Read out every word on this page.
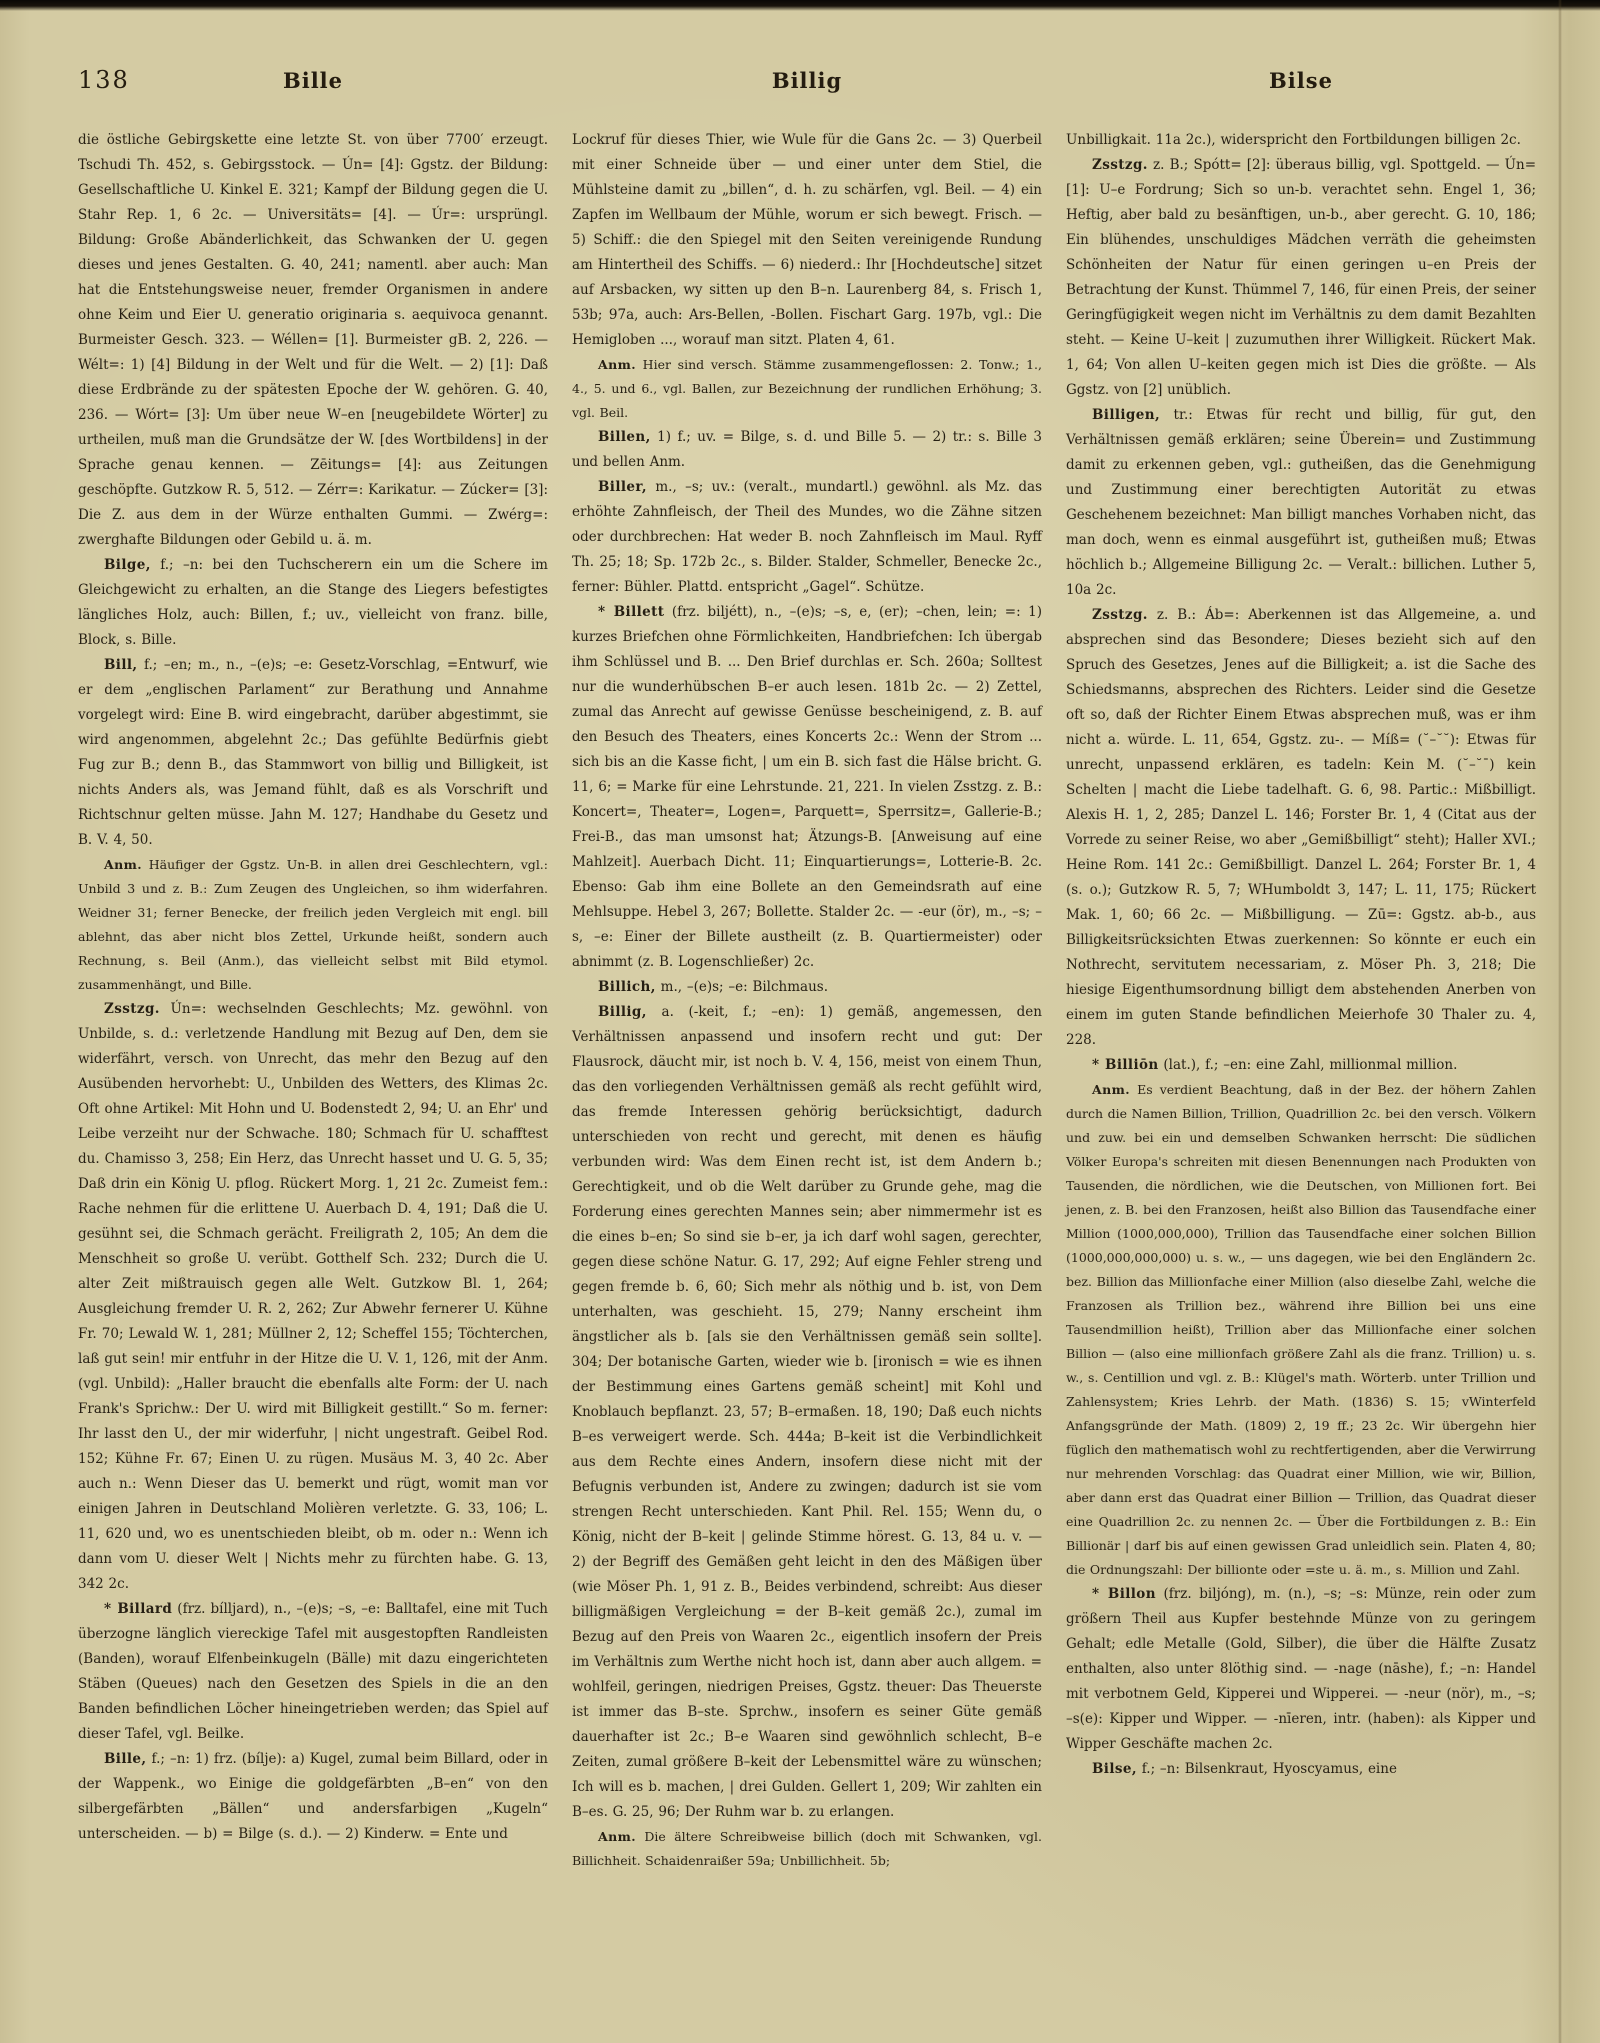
138	Bille	Billig	Bilse

die östliche Gebirgskette eine letzte St. von über 7700′ erzeugt. Tschudi Th. 452, s. Gebirgsstock. — Ún= [4]: Ggstz. der Bildung: Gesellschaftliche U. Kinkel E. 321; Kampf der Bildung gegen die U. Stahr Rep. 1, 6 2c. — Universitäts= [4]. — Úr=: ursprüngl. Bildung: Große Abänderlichkeit, das Schwanken der U. gegen dieses und jenes Gestalten. G. 40, 241; namentl. aber auch: Man hat die Entstehungsweise neuer, fremder Organismen in andere ohne Keim und Eier U. generatio originaria s. aequivoca genannt. Burmeister Gesch. 323. — Wéllen= [1]. Burmeister gB. 2, 226. — Wélt=: 1) [4] Bildung in der Welt und für die Welt. — 2) [1]: Daß diese Erdbrände zu der spätesten Epoche der W. gehören. G. 40, 236. — Wórt= [3]: Um über neue W–en [neugebildete Wörter] zu urtheilen, muß man die Grundsätze der W. [des Wortbildens] in der Sprache genau kennen. — Zēitungs= [4]: aus Zeitungen geschöpfte. Gutzkow R. 5, 512. — Zérr=: Karikatur. — Zúcker= [3]: Die Z. aus dem in der Würze enthalten Gummi. — Zwérg=: zwerghafte Bildungen oder Gebild u. ä. m.

Bilge, f.; –n: bei den Tuchscherern ein um die Schere im Gleichgewicht zu erhalten, an die Stange des Liegers befestigtes längliches Holz, auch: Billen, f.; uv., vielleicht von franz. bille, Block, s. Bille.

Bill, f.; –en; m., n., –(e)s; –e: Gesetz-Vorschlag, =Entwurf, wie er dem „englischen Parlament“ zur Berathung und Annahme vorgelegt wird: Eine B. wird eingebracht, darüber abgestimmt, sie wird angenommen, abgelehnt 2c.; Das gefühlte Bedürfnis giebt Fug zur B.; denn B., das Stammwort von billig und Billigkeit, ist nichts Anders als, was Jemand fühlt, daß es als Vorschrift und Richtschnur gelten müsse. Jahn M. 127; Handhabe du Gesetz und B. V. 4, 50.

Anm. Häufiger der Ggstz. Un-B. in allen drei Geschlechtern, vgl.: Unbild 3 und z. B.: Zum Zeugen des Ungleichen, so ihm widerfahren. Weidner 31; ferner Benecke, der freilich jeden Vergleich mit engl. bill ablehnt, das aber nicht blos Zettel, Urkunde heißt, sondern auch Rechnung, s. Beil (Anm.), das vielleicht selbst mit Bild etymol. zusammenhängt, und Bille.

Zsstzg. Ún=: wechselnden Geschlechts; Mz. gewöhnl. von Unbilde, s. d.: verletzende Handlung mit Bezug auf Den, dem sie widerfährt, versch. von Unrecht, das mehr den Bezug auf den Ausübenden hervorhebt: U., Unbilden des Wetters, des Klimas 2c. Oft ohne Artikel: Mit Hohn und U. Bodenstedt 2, 94; U. an Ehr' und Leibe verzeiht nur der Schwache. 180; Schmach für U. schafftest du. Chamisso 3, 258; Ein Herz, das Unrecht hasset und U. G. 5, 35; Daß drin ein König U. pflog. Rückert Morg. 1, 21 2c. Zumeist fem.: Rache nehmen für die erlittene U. Auerbach D. 4, 191; Daß die U. gesühnt sei, die Schmach gerächt. Freiligrath 2, 105; An dem die Menschheit so große U. verübt. Gotthelf Sch. 232; Durch die U. alter Zeit mißtrauisch gegen alle Welt. Gutzkow Bl. 1, 264; Ausgleichung fremder U. R. 2, 262; Zur Abwehr fernerer U. Kühne Fr. 70; Lewald W. 1, 281; Müllner 2, 12; Scheffel 155; Töchterchen, laß gut sein! mir entfuhr in der Hitze die U. V. 1, 126, mit der Anm. (vgl. Unbild): „Haller braucht die ebenfalls alte Form: der U. nach Frank's Sprichw.: Der U. wird mit Billigkeit gestillt.“ So m. ferner: Ihr lasst den U., der mir widerfuhr, | nicht ungestraft. Geibel Rod. 152; Kühne Fr. 67; Einen U. zu rügen. Musäus M. 3, 40 2c. Aber auch n.: Wenn Dieser das U. bemerkt und rügt, womit man vor einigen Jahren in Deutschland Molièren verletzte. G. 33, 106; L. 11, 620 und, wo es unentschieden bleibt, ob m. oder n.: Wenn ich dann vom U. dieser Welt | Nichts mehr zu fürchten habe. G. 13, 342 2c.

* Billard (frz. bílljard), n., –(e)s; –s, –e: Balltafel, eine mit Tuch überzogne länglich viereckige Tafel mit ausgestopften Randleisten (Banden), worauf Elfenbeinkugeln (Bälle) mit dazu eingerichteten Stäben (Queues) nach den Gesetzen des Spiels in die an den Banden befindlichen Löcher hineingetrieben werden; das Spiel auf dieser Tafel, vgl. Beilke.

Bille, f.; –n: 1) frz. (bílje): a) Kugel, zumal beim Billard, oder in der Wappenk., wo Einige die goldgefärbten „B–en“ von den silbergefärbten „Bällen“ und andersfarbigen „Kugeln“ unterscheiden. — b) = Bilge (s. d.). — 2) Kinderw. = Ente und

Lockruf für dieses Thier, wie Wule für die Gans 2c. — 3) Querbeil mit einer Schneide über — und einer unter dem Stiel, die Mühlsteine damit zu „billen“, d. h. zu schärfen, vgl. Beil. — 4) ein Zapfen im Wellbaum der Mühle, worum er sich bewegt. Frisch. — 5) Schiff.: die den Spiegel mit den Seiten vereinigende Rundung am Hintertheil des Schiffs. — 6) niederd.: Ihr [Hochdeutsche] sitzet auf Arsbacken, wy sitten up den B–n. Laurenberg 84, s. Frisch 1, 53b; 97a, auch: Ars-Bellen, -Bollen. Fischart Garg. 197b, vgl.: Die Hemigloben ..., worauf man sitzt. Platen 4, 61.

Anm. Hier sind versch. Stämme zusammengeflossen: 2. Tonw.; 1., 4., 5. und 6., vgl. Ballen, zur Bezeichnung der rundlichen Erhöhung; 3. vgl. Beil.

Billen, 1) f.; uv. = Bilge, s. d. und Bille 5. — 2) tr.: s. Bille 3 und bellen Anm.

Biller, m., –s; uv.: (veralt., mundartl.) gewöhnl. als Mz. das erhöhte Zahnfleisch, der Theil des Mundes, wo die Zähne sitzen oder durchbrechen: Hat weder B. noch Zahnfleisch im Maul. Ryff Th. 25; 18; Sp. 172b 2c., s. Bilder. Stalder, Schmeller, Benecke 2c., ferner: Bühler. Plattd. entspricht „Gagel“. Schütze.

* Billett (frz. biljétt), n., –(e)s; –s, e, (er); –chen, lein; =: 1) kurzes Briefchen ohne Förmlichkeiten, Handbriefchen: Ich übergab ihm Schlüssel und B. ... Den Brief durchlas er. Sch. 260a; Solltest nur die wunderhübschen B–er auch lesen. 181b 2c. — 2) Zettel, zumal das Anrecht auf gewisse Genüsse bescheinigend, z. B. auf den Besuch des Theaters, eines Koncerts 2c.: Wenn der Strom ... sich bis an die Kasse ficht, | um ein B. sich fast die Hälse bricht. G. 11, 6; = Marke für eine Lehrstunde. 21, 221. In vielen Zsstzg. z. B.: Koncert=, Theater=, Logen=, Parquett=, Sperrsitz=, Gallerie-B.; Frei-B., das man umsonst hat; Ätzungs-B. [Anweisung auf eine Mahlzeit]. Auerbach Dicht. 11; Einquartierungs=, Lotterie-B. 2c. Ebenso: Gab ihm eine Bollete an den Gemeindsrath auf eine Mehlsuppe. Hebel 3, 267; Bollette. Stalder 2c. — -eur (ör), m., –s; –s, –e: Einer der Billete austheilt (z. B. Quartiermeister) oder abnimmt (z. B. Logenschließer) 2c.

Billich, m., –(e)s; –e: Bilchmaus.

Billig, a. (-keit, f.; –en): 1) gemäß, angemessen, den Verhältnissen anpassend und insofern recht und gut: Der Flausrock, däucht mir, ist noch b. V. 4, 156, meist von einem Thun, das den vorliegenden Verhältnissen gemäß als recht gefühlt wird, das fremde Interessen gehörig berücksichtigt, dadurch unterschieden von recht und gerecht, mit denen es häufig verbunden wird: Was dem Einen recht ist, ist dem Andern b.; Gerechtigkeit, und ob die Welt darüber zu Grunde gehe, mag die Forderung eines gerechten Mannes sein; aber nimmermehr ist es die eines b–en; So sind sie b–er, ja ich darf wohl sagen, gerechter, gegen diese schöne Natur. G. 17, 292; Auf eigne Fehler streng und gegen fremde b. 6, 60; Sich mehr als nöthig und b. ist, von Dem unterhalten, was geschieht. 15, 279; Nanny erscheint ihm ängstlicher als b. [als sie den Verhältnissen gemäß sein sollte]. 304; Der botanische Garten, wieder wie b. [ironisch = wie es ihnen der Bestimmung eines Gartens gemäß scheint] mit Kohl und Knoblauch bepflanzt. 23, 57; B–ermaßen. 18, 190; Daß euch nichts B–es verweigert werde. Sch. 444a; B–keit ist die Verbindlichkeit aus dem Rechte eines Andern, insofern diese nicht mit der Befugnis verbunden ist, Andere zu zwingen; dadurch ist sie vom strengen Recht unterschieden. Kant Phil. Rel. 155; Wenn du, o König, nicht der B–keit | gelinde Stimme hörest. G. 13, 84 u. v. — 2) der Begriff des Gemäßen geht leicht in den des Mäßigen über (wie Möser Ph. 1, 91 z. B., Beides verbindend, schreibt: Aus dieser billigmäßigen Vergleichung = der B–keit gemäß 2c.), zumal im Bezug auf den Preis von Waaren 2c., eigentlich insofern der Preis im Verhältnis zum Werthe nicht hoch ist, dann aber auch allgem. = wohlfeil, geringen, niedrigen Preises, Ggstz. theuer: Das Theuerste ist immer das B–ste. Sprchw., insofern es seiner Güte gemäß dauerhafter ist 2c.; B–e Waaren sind gewöhnlich schlecht, B–e Zeiten, zumal größere B–keit der Lebensmittel wäre zu wünschen; Ich will es b. machen, | drei Gulden. Gellert 1, 209; Wir zahlten ein B–es. G. 25, 96; Der Ruhm war b. zu erlangen.

Anm. Die ältere Schreibweise billich (doch mit Schwanken, vgl. Billichheit. Schaidenraißer 59a; Unbillichheit. 5b;

Unbilligkait. 11a 2c.), widerspricht den Fortbildungen billigen 2c.

Zsstzg. z. B.; Spótt= [2]: überaus billig, vgl. Spottgeld. — Ún= [1]: U–e Fordrung; Sich so un-b. verachtet sehn. Engel 1, 36; Heftig, aber bald zu besänftigen, un-b., aber gerecht. G. 10, 186; Ein blühendes, unschuldiges Mädchen verräth die geheimsten Schönheiten der Natur für einen geringen u–en Preis der Betrachtung der Kunst. Thümmel 7, 146, für einen Preis, der seiner Geringfügigkeit wegen nicht im Verhältnis zu dem damit Bezahlten steht. — Keine U–keit | zuzumuthen ihrer Willigkeit. Rückert Mak. 1, 64; Von allen U–keiten gegen mich ist Dies die größte. — Als Ggstz. von [2] unüblich.

Billigen, tr.: Etwas für recht und billig, für gut, den Verhältnissen gemäß erklären; seine Überein= und Zustimmung damit zu erkennen geben, vgl.: gutheißen, das die Genehmigung und Zustimmung einer berechtigten Autorität zu etwas Geschehenem bezeichnet: Man billigt manches Vorhaben nicht, das man doch, wenn es einmal ausgeführt ist, gutheißen muß; Etwas höchlich b.; Allgemeine Billigung 2c. — Veralt.: billichen. Luther 5, 10a 2c.

Zsstzg. z. B.: Áb=: Aberkennen ist das Allgemeine, a. und absprechen sind das Besondere; Dieses bezieht sich auf den Spruch des Gesetzes, Jenes auf die Billigkeit; a. ist die Sache des Schiedsmanns, absprechen des Richters. Leider sind die Gesetze oft so, daß der Richter Einem Etwas absprechen muß, was er ihm nicht a. würde. L. 11, 654, Ggstz. zu-. — Míß= (˘–˘˘): Etwas für unrecht, unpassend erklären, es tadeln: Kein M. (˘–˘¯) kein Schelten | macht die Liebe tadelhaft. G. 6, 98. Partic.: Mißbilligt. Alexis H. 1, 2, 285; Danzel L. 146; Forster Br. 1, 4 (Citat aus der Vorrede zu seiner Reise, wo aber „Gemißbilligt“ steht); Haller XVI.; Heine Rom. 141 2c.: Gemißbilligt. Danzel L. 264; Forster Br. 1, 4 (s. o.); Gutzkow R. 5, 7; WHumboldt 3, 147; L. 11, 175; Rückert Mak. 1, 60; 66 2c. — Mißbilligung. — Zū=: Ggstz. ab-b., aus Billigkeitsrücksichten Etwas zuerkennen: So könnte er euch ein Nothrecht, servitutem necessariam, z. Möser Ph. 3, 218; Die hiesige Eigenthumsordnung billigt dem abstehenden Anerben von einem im guten Stande befindlichen Meierhofe 30 Thaler zu. 4, 228.

* Billiōn (lat.), f.; –en: eine Zahl, millionmal million.

Anm. Es verdient Beachtung, daß in der Bez. der höhern Zahlen durch die Namen Billion, Trillion, Quadrillion 2c. bei den versch. Völkern und zuw. bei ein und demselben Schwanken herrscht: Die südlichen Völker Europa's schreiten mit diesen Benennungen nach Produkten von Tausenden, die nördlichen, wie die Deutschen, von Millionen fort. Bei jenen, z. B. bei den Franzosen, heißt also Billion das Tausendfache einer Million (1000,000,000), Trillion das Tausendfache einer solchen Billion (1000,000,000,000) u. s. w., — uns dagegen, wie bei den Engländern 2c. bez. Billion das Millionfache einer Million (also dieselbe Zahl, welche die Franzosen als Trillion bez., während ihre Billion bei uns eine Tausendmillion heißt), Trillion aber das Millionfache einer solchen Billion — (also eine millionfach größere Zahl als die franz. Trillion) u. s. w., s. Centillion und vgl. z. B.: Klügel's math. Wörterb. unter Trillion und Zahlensystem; Kries Lehrb. der Math. (1836) S. 15; vWinterfeld Anfangsgründe der Math. (1809) 2, 19 ff.; 23 2c. Wir übergehn hier füglich den mathematisch wohl zu rechtfertigenden, aber die Verwirrung nur mehrenden Vorschlag: das Quadrat einer Million, wie wir, Billion, aber dann erst das Quadrat einer Billion — Trillion, das Quadrat dieser eine Quadrillion 2c. zu nennen 2c. — Über die Fortbildungen z. B.: Ein Billionär | darf bis auf einen gewissen Grad unleidlich sein. Platen 4, 80; die Ordnungszahl: Der billionte oder =ste u. ä. m., s. Million und Zahl.

* Billon (frz. biljóng), m. (n.), –s; –s: Münze, rein oder zum größern Theil aus Kupfer bestehnde Münze von zu geringem Gehalt; edle Metalle (Gold, Silber), die über die Hälfte Zusatz enthalten, also unter 8löthig sind. — -nage (nāshe), f.; –n: Handel mit verbotnem Geld, Kipperei und Wipperei. — -neur (nör), m., –s; –s(e): Kipper und Wipper. — -nīeren, intr. (haben): als Kipper und Wipper Geschäfte machen 2c.

Bilse, f.; –n: Bilsenkraut, Hyoscyamus, eine
